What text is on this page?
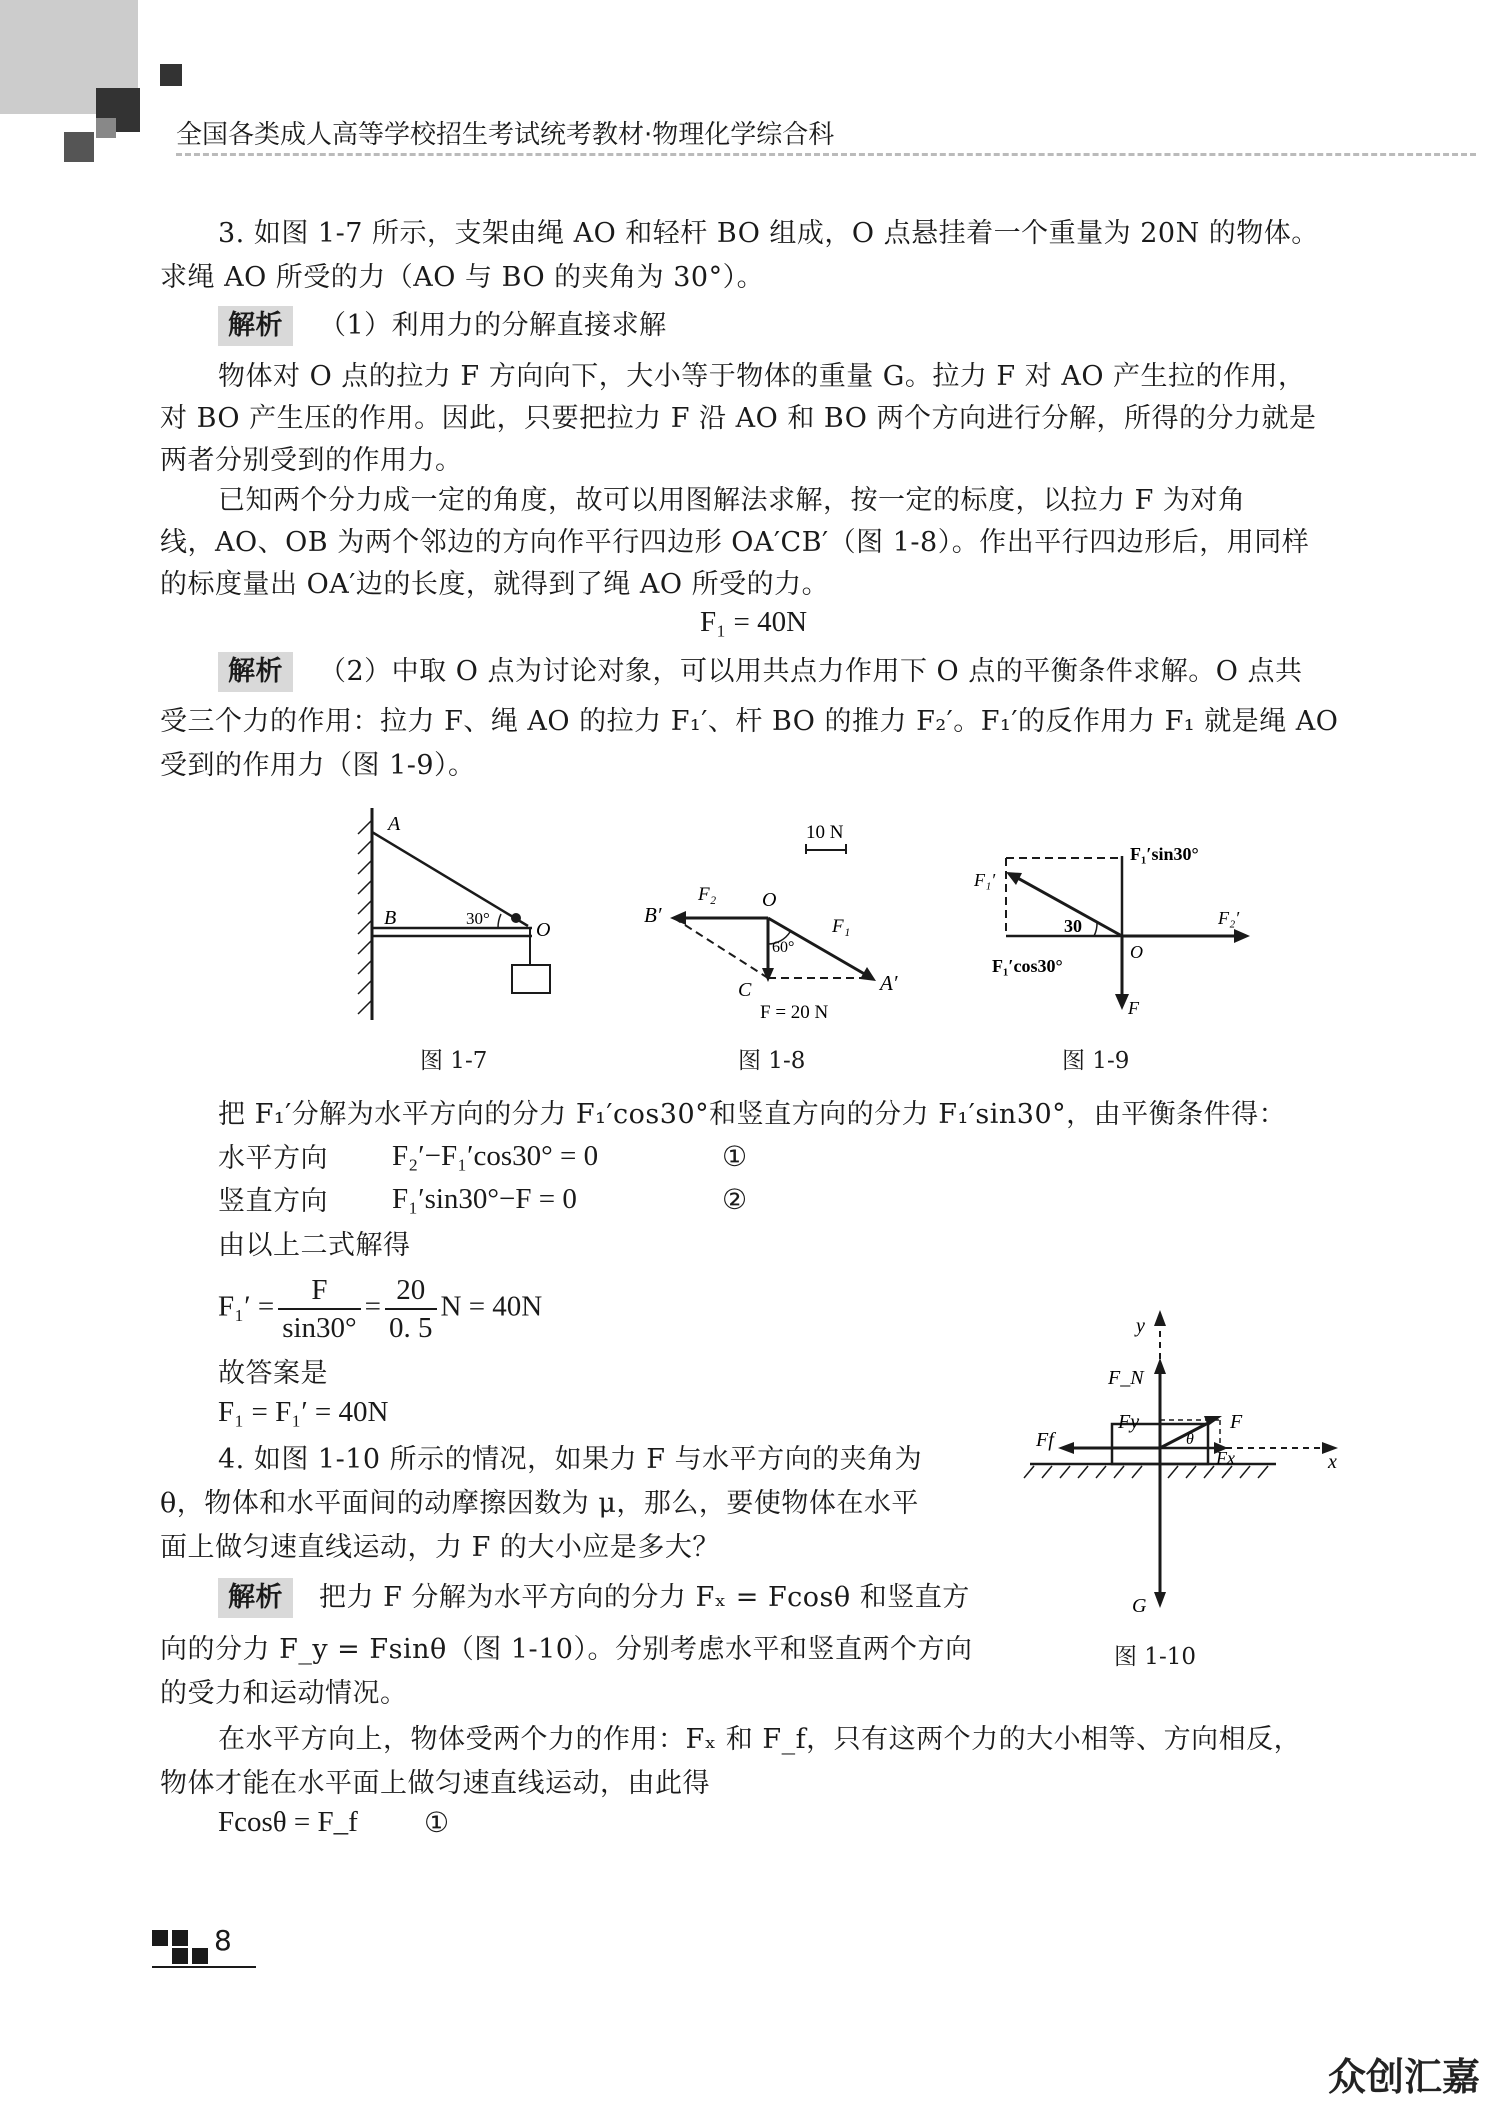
全国各类成人高等学校招生考试统考教材·物理化学综合科
3. 如图 1-7 所示，支架由绳 AO 和轻杆 BO 组成，O 点悬挂着一个重量为 20N 的物体。
求绳 AO 所受的力（AO 与 BO 的夹角为 30°）。
解析 （1）利用力的分解直接求解
物体对 O 点的拉力 F 方向向下，大小等于物体的重量 G。拉力 F 对 AO 产生拉的作用，
对 BO 产生压的作用。因此，只要把拉力 F 沿 AO 和 BO 两个方向进行分解，所得的分力就是
两者分别受到的作用力。
已知两个分力成一定的角度，故可以用图解法求解，按一定的标度，以拉力 F 为对角
线，AO、OB 为两个邻边的方向作平行四边形 OA′CB′（图 1-8）。作出平行四边形后，用同样
的标度量出 OA′边的长度，就得到了绳 AO 所受的力。
F₁ = 40N
解析 （2）中取 O 点为讨论对象，可以用共点力作用下 O 点的平衡条件求解。O 点共
受三个力的作用：拉力 F、绳 AO 的拉力 F₁′、杆 BO 的推力 F₂′。F₁′的反作用力 F₁ 就是绳 AO
受到的作用力（图 1-9）。
A
B	30°
O
图 1-7
10 N
B′
F₂ O
F₁
60°
C	A′
F = 20 N
图 1-8
F₁′
F₁′sin30°
F₂′
30
O
F₁′cos30°
F
图 1-9
把 F₁′分解为水平方向的分力 F₁′cos30°和竖直方向的分力 F₁′sin30°，由平衡条件得：
水平方向 F₂′−F₁′cos30° = 0	①
竖直方向 F₁′sin30°−F = 0	②
由以上二式解得
$F_1' = \frac{F}{\sin 30^\circ} = \frac{20}{0. 5}$ N = 40N
故答案是
F₁ = F₁′ = 40N
4. 如图 1-10 所示的情况，如果力 F 与水平方向的夹角为
θ，物体和水平面间的动摩擦因数为 μ，那么，要使物体在水平
面上做匀速直线运动，力 F 的大小应是多大？
解析 把力 F 分解为水平方向的分力 Fₓ = Fcosθ 和竖直方
向的分力 F_y = Fsinθ（图 1-10）。分别考虑水平和竖直两个方向
的受力和运动情况。
y
F_N
Fy	F
Ff	θ
Fx	x
G
图 1-10
在水平方向上，物体受两个力的作用：Fₓ 和 F_f，只有这两个力的大小相等、方向相反，
物体才能在水平面上做匀速直线运动，由此得
Fcosθ = F_f ①
8
众创汇嘉
